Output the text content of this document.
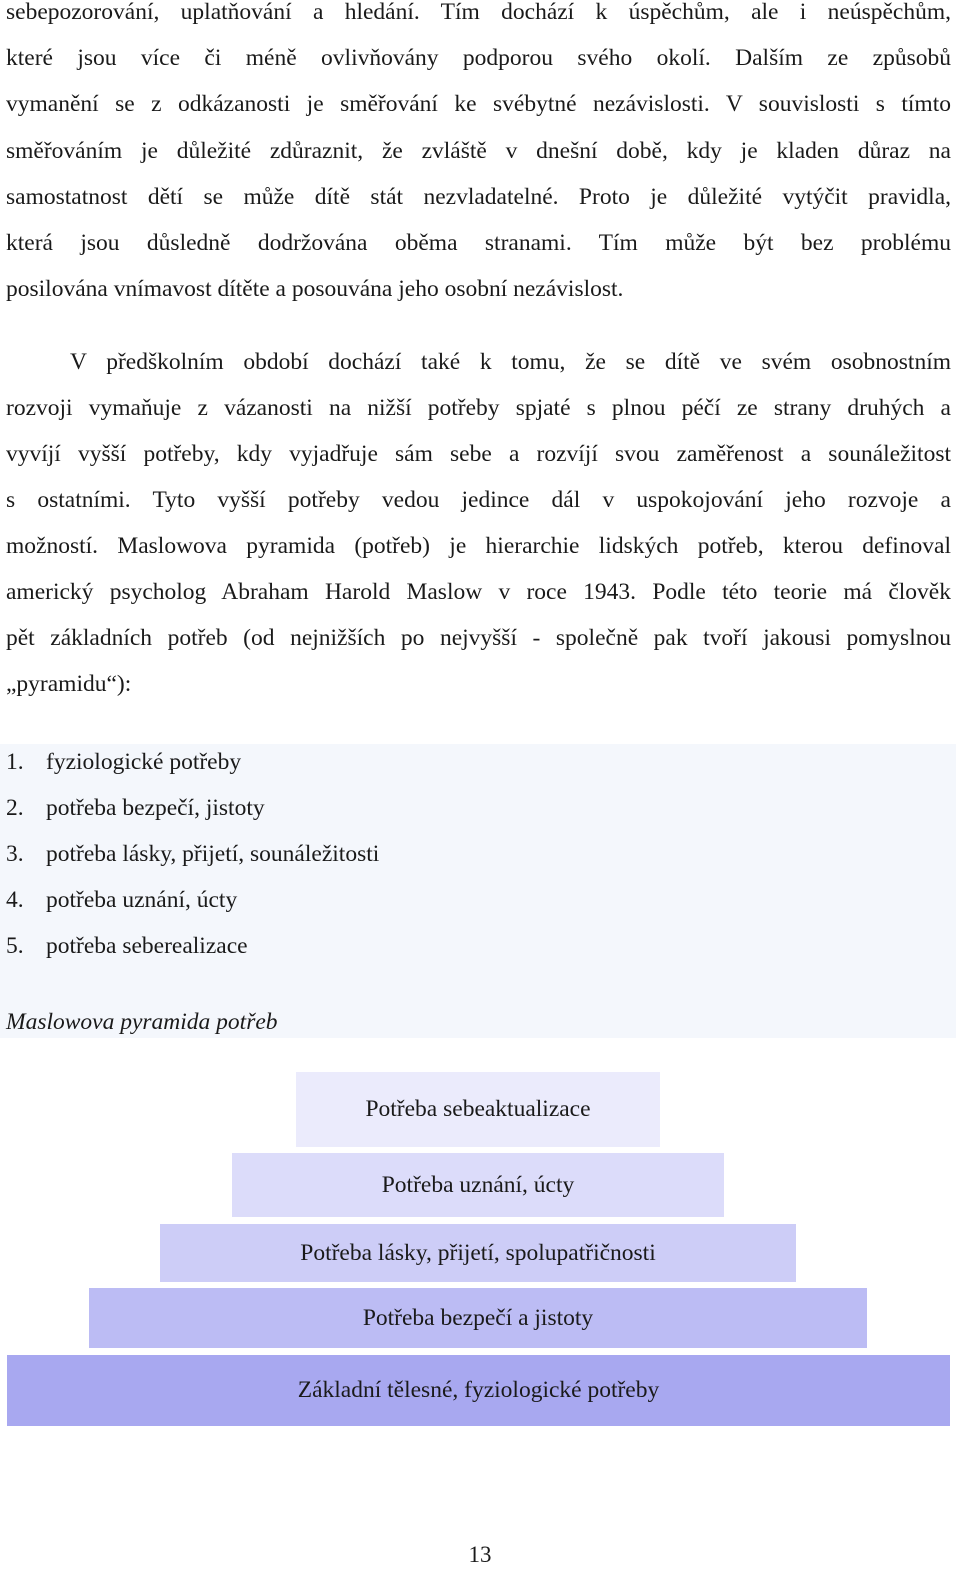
sebepozorování, uplatňování a hledání. Tím dochází k úspěchům, ale i neúspěchům,
které jsou více či méně ovlivňovány podporou svého okolí. Dalším ze způsobů
vymanění se z odkázanosti je směřování ke svébytné nezávislosti. V souvislosti s tímto
směřováním je důležité zdůraznit, že zvláště v dnešní době, kdy je kladen důraz na
samostatnost dětí se může dítě stát nezvladatelné. Proto je důležité vytýčit pravidla,
která jsou důsledně dodržována oběma stranami. Tím může být bez problému
posilována vnímavost dítěte a posouvána jeho osobní nezávislost.
V předškolním období dochází také k tomu, že se dítě ve svém osobnostním
rozvoji vymaňuje z vázanosti na nižší potřeby spjaté s plnou péčí ze strany druhých a
vyvíjí vyšší potřeby, kdy vyjadřuje sám sebe a rozvíjí svou zaměřenost a sounáležitost
s ostatními. Tyto vyšší potřeby vedou jedince dál v uspokojování jeho rozvoje a
možností. Maslowova pyramida (potřeb) je hierarchie lidských potřeb, kterou definoval
americký psycholog Abraham Harold Maslow v roce 1943. Podle této teorie má člověk
pět základních potřeb (od nejnižších po nejvyšší - společně pak tvoří jakousi pomyslnou
„pyramidu“):
1. fyziologické potřeby
2. potřeba bezpečí, jistoty
3. potřeba lásky, přijetí, sounáležitosti
4. potřeba uznání, úcty
5. potřeba seberealizace
Maslowova pyramida potřeb
Potřeba sebeaktualizace
Potřeba uznání, úcty
Potřeba lásky, přijetí, spolupatřičnosti
Potřeba bezpečí a jistoty
Základní tělesné, fyziologické potřeby
13
